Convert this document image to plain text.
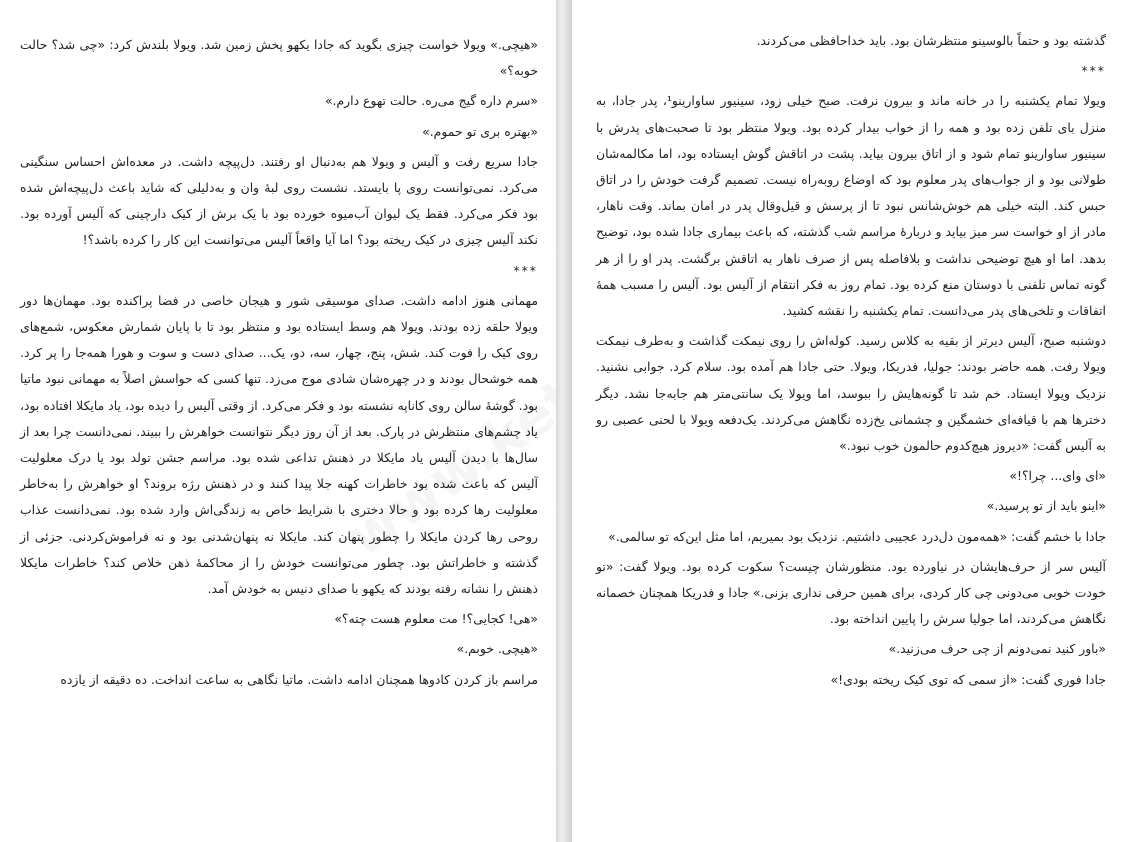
«هیچی.» ویولا خواست چیزی بگوید که جادا یکهو پخش زمین شد. ویولا بلندش کرد: «چی شد؟ حالت خوبه؟»

«سرم داره گیج می‌ره. حالت تهوع دارم.»

«بهتره بری تو حموم.»

جادا سریع رفت و آلیس و ویولا هم به‌دنبال او رفتند. دل‌پیچه داشت. در معده‌اش احساس سنگینی می‌کرد. نمی‌توانست روی پا بایستد. نشست روی لبهٔ وان و به‌دلیلی که شاید باعث دل‌پیچه‌اش شده بود فکر می‌کرد. فقط یک لیوان آب‌میوه خورده بود با یک برش از کیک دارچینی که آلیس آورده بود. نکند آلیس چیزی در کیک ریخته بود؟ اما آیا واقعاً آلیس می‌توانست این کار را کرده باشد؟!

***

مهمانی هنوز ادامه داشت. صدای موسیقی شور و هیجان خاصی در فضا پراکنده بود. مهمان‌ها دور ویولا حلقه زده بودند. ویولا هم وسط ایستاده بود و منتظر بود تا با پایان شمارش معکوس، شمع‌های روی کیک را فوت کند. شش، پنج، چهار، سه، دو، یک... صدای دست و سوت و هورا همه‌جا را پر کرد. همه خوشحال بودند و در چهره‌شان شادی موج می‌زد. تنها کسی که حواسش اصلاً به مهمانی نبود ماتیا بود. گوشهٔ سالن روی کاناپه نشسته بود و فکر می‌کرد. از وقتی آلیس را دیده بود، یاد مایکلا افتاده بود، یاد چشم‌های منتظرش در پارک. بعد از آن روز دیگر نتوانست خواهرش را ببیند. نمی‌دانست چرا بعد از سال‌ها با دیدن آلیس یاد مایکلا در ذهنش تداعی شده بود. مراسم جشن تولد بود یا درک معلولیت آلیس که باعث شده بود خاطرات کهنه جلا پیدا کنند و در ذهنش رژه بروند؟ او خواهرش را به‌خاطر معلولیت رها کرده بود و حالا دختری با شرایط خاص به زندگی‌اش وارد شده بود. نمی‌دانست عذاب روحی رها کردن مایکلا را چطور پنهان کند. مایکلا نه پنهان‌شدنی بود و نه فراموش‌کردنی. جزئی از گذشته و خاطراتش بود. چطور می‌توانست خودش را از محاکمهٔ ذهن خلاص کند؟ خاطرات مایکلا ذهنش را نشانه رفته بودند که یکهو با صدای دنیس به خودش آمد.

«هی! کجایی؟! مت معلوم هست چته؟»

«هیچی. خوبم.»

مراسم باز کردن کادوها همچنان ادامه داشت. ماتیا نگاهی به ساعت انداخت. ده دقیقه از یازده

گذشته بود و حتماً بالوسینو منتظرشان بود. باید خداحافظی می‌کردند.

***

ویولا تمام یکشنبه را در خانه ماند و بیرون نرفت. صبح خیلی زود، سینیور ساوارینو¹، پدر جادا، به منزل بای تلفن زده بود و همه را از خواب بیدار کرده بود. ویولا منتظر بود تا صحبت‌های پدرش با سینیور ساوارینو تمام شود و از اتاق بیرون بیاید. پشت در اتاقش گوش ایستاده بود، اما مکالمه‌شان طولانی بود و از جواب‌های پدر معلوم بود که اوضاع روبه‌راه نیست. تصمیم گرفت خودش را در اتاق حبس کند. البته خیلی هم خوش‌شانس نبود تا از پرسش و قیل‌وقال پدر در امان بماند. وقت ناهار، مادر از او خواست سر میز بیاید و دربارهٔ مراسم شب گذشته، که باعث بیماری جادا شده بود، توضیح بدهد. اما او هیچ توضیحی نداشت و بلافاصله پس از صرف ناهار به اتاقش برگشت. پدر او را از هر گونه تماس تلفنی با دوستان منع کرده بود. تمام روز به فکر انتقام از آلیس بود. آلیس را مسبب همهٔ اتفاقات و تلخی‌های پدر می‌دانست. تمام یکشنبه را نقشه کشید.

دوشنبه صبح، آلیس دیرتر از بقیه به کلاس رسید. کوله‌اش را روی نیمکت گذاشت و به‌طرف نیمکت ویولا رفت. همه حاضر بودند: جولیا، فدریکا، ویولا. حتی جادا هم آمده بود. سلام کرد. جوابی نشنید. نزدیک ویولا ایستاد. خم شد تا گونه‌هایش را ببوسد، اما ویولا یک سانتی‌متر هم جابه‌جا نشد. دیگر دخترها هم با قیافه‌ای خشمگین و چشمانی یخ‌زده نگاهش می‌کردند. یک‌دفعه ویولا با لحنی عصبی رو به آلیس گفت: «دیروز هیچ‌کدوم حالمون خوب نبود.»

«ای وای... چرا؟!»

«اینو باید از تو پرسید.»

جادا با خشم گفت: «همه‌مون دل‌درد عجیبی داشتیم. نزدیک بود بمیریم، اما مثل این‌که تو سالمی.»

آلیس سر از حرف‌هایشان در نیاورده بود. منظورشان چیست؟ سکوت کرده بود. ویولا گفت: «تو خودت خوبی می‌دونی چی کار کردی، برای همین حرفی نداری بزنی.» جادا و فدریکا همچنان خصمانه نگاهش می‌کردند، اما جولیا سرش را پایین انداخته بود.

«باور کنید نمی‌دونم از چی حرف می‌زنید.»

جادا فوری گفت: «از سمی که توی کیک ریخته بودی!»
